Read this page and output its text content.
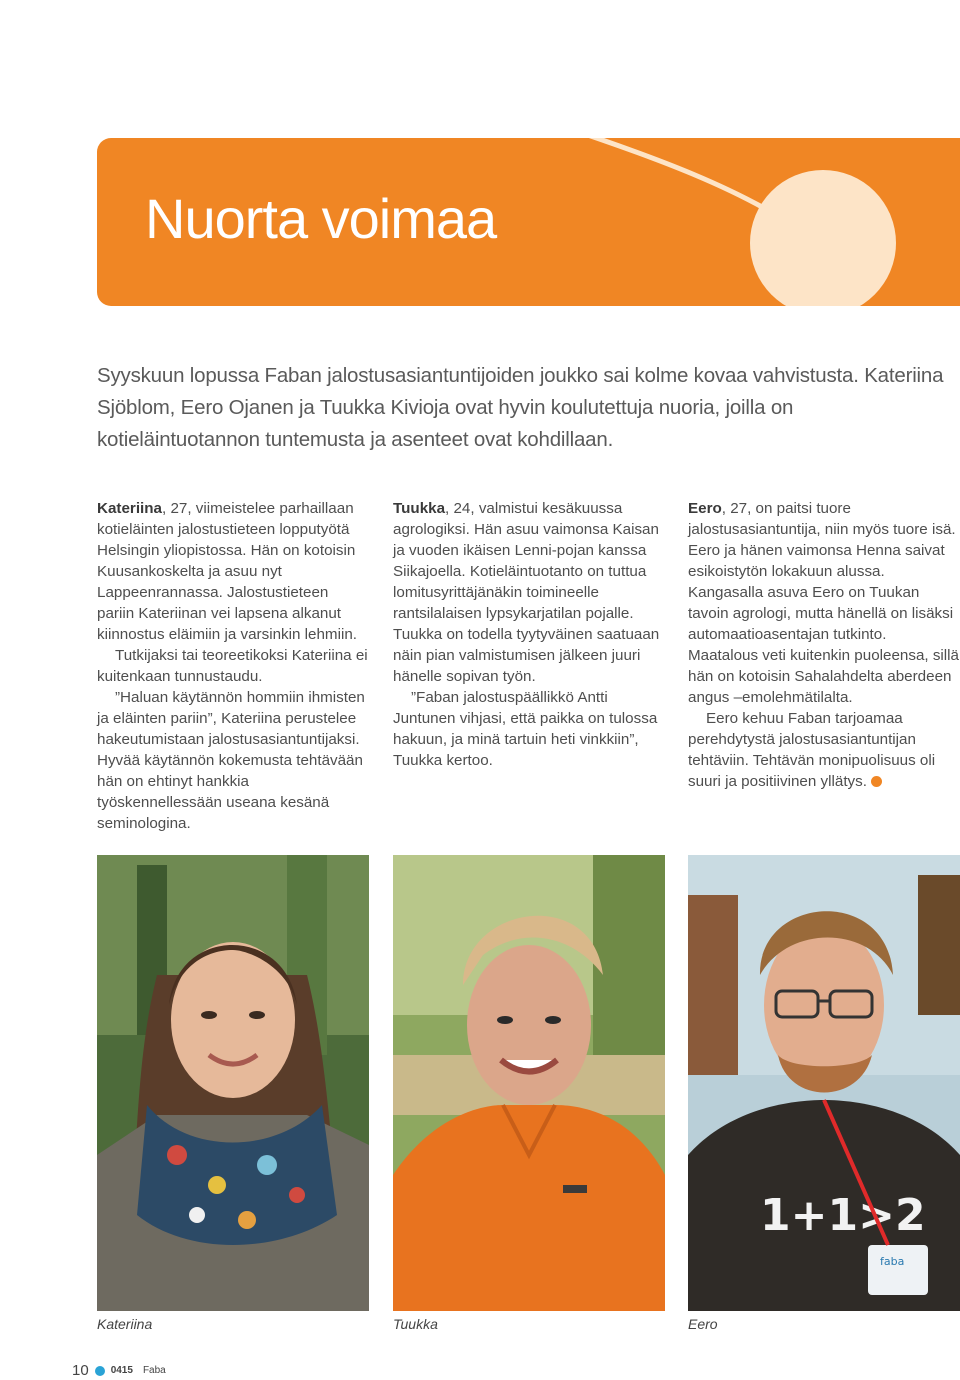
Nuorta voimaa

Syyskuun lopussa Faban jalostusasiantuntijoiden joukko sai kolme kovaa vahvistusta. Kateriina Sjöblom, Eero Ojanen ja Tuukka Kivioja ovat hyvin koulutettuja nuoria, joilla on kotieläintuotannon tuntemusta ja asenteet ovat kohdillaan.

Kateriina, 27, viimeistelee parhaillaan kotieläinten jalostustieteen lopputyötä Helsingin yliopistossa. Hän on kotoisin Kuusankoskelta ja asuu nyt Lappeenrannassa. Jalostustieteen pariin Kateriinan vei lapsena alkanut kiinnostus eläimiin ja varsinkin lehmiin.

Tutkijaksi tai teoreetikoksi Kateriina ei kuitenkaan tunnustaudu.

”Haluan käytännön hommiin ihmisten ja eläinten pariin”, Kateriina perustelee hakeutumistaan jalostusasiantuntijaksi. Hyvää käytännön kokemusta tehtävään hän on ehtinyt hankkia työskennellessään useana kesänä seminologina.

Tuukka, 24, valmistui kesäkuussa agrologiksi. Hän asuu vaimonsa Kaisan ja vuoden ikäisen Lenni-pojan kanssa Siikajoella. Kotieläintuotanto on tuttua lomitusyrittäjänäkin toimineelle rantsilalaisen lypsykarjatilan pojalle. Tuukka on todella tyytyväinen saatuaan näin pian valmistumisen jälkeen juuri hänelle sopivan työn.

”Faban jalostuspäällikkö Antti Juntunen vihjasi, että paikka on tulossa hakuun, ja minä tartuin heti vinkkiin”, Tuukka kertoo.

Eero, 27, on paitsi tuore jalostusasiantuntija, niin myös tuore isä. Eero ja hänen vaimonsa Henna saivat esikoistytön lokakuun alussa. Kangasalla asuva Eero on Tuukan tavoin agrologi, mutta hänellä on lisäksi automaatioasentajan tutkinto. Maatalous veti kuitenkin puoleensa, sillä hän on kotoisin Sahalahdelta aberdeen angus –emolehmätilalta.

Eero kehuu Faban tarjoamaa perehdytystä jalostusasiantuntijan tehtäviin. Tehtävän monipuolisuus oli suuri ja positiivinen yllätys.

1+1>2
faba
Kateriina	Tuukka	Eero
10 0415 Faba
